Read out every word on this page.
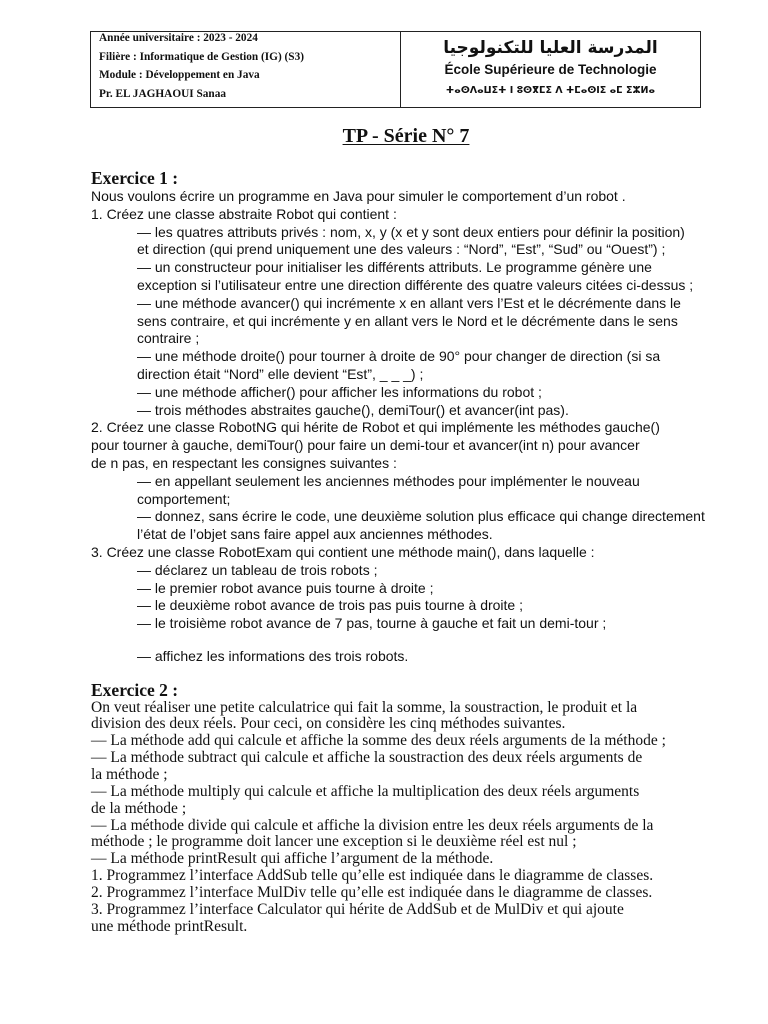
Année universitaire : 2023 - 2024
Filière : Informatique de Gestion (IG) (S3)
Module : Développement en Java
Pr. EL JAGHAOUI Sanaa
المدرسة العليا للتكنولوجيا
École Supérieure de Technologie
ⵜⴰⵙⴷⴰⵡⵉⵜ ⵏ ⵓⵙⴳⵎⵉ ⴷ ⵜⵎⴰⵙⵏⵉ ⴰⵎ ⵉⵣⵍⴰ
TP - Série N° 7
Exercice 1 :
Nous voulons écrire un programme en Java pour simuler le comportement d’un robot .
1. Créez une classe abstraite Robot qui contient :
— les quatres attributs privés : nom, x, y (x et y sont deux entiers pour définir la position)
et direction (qui prend uniquement une des valeurs : “Nord”, “Est”, “Sud” ou “Ouest”) ;
— un constructeur pour initialiser les différents attributs. Le programme génère une
exception si l’utilisateur entre une direction différente des quatre valeurs citées ci-dessus ;
— une méthode avancer() qui incrémente x en allant vers l’Est et le décrémente dans le
sens contraire, et qui incrémente y en allant vers le Nord et le décrémente dans le sens
contraire ;
— une méthode droite() pour tourner à droite de 90° pour changer de direction (si sa
direction était “Nord” elle devient “Est”, _ _ _) ;
— une méthode afficher() pour afficher les informations du robot ;
— trois méthodes abstraites gauche(), demiTour() et avancer(int pas).
2. Créez une classe RobotNG qui hérite de Robot et qui implémente les méthodes gauche()
pour tourner à gauche, demiTour() pour faire un demi-tour et avancer(int n) pour avancer
de n pas, en respectant les consignes suivantes :
— en appellant seulement les anciennes méthodes pour implémenter le nouveau
comportement;
— donnez, sans écrire le code, une deuxième solution plus efficace qui change directement
l’état de l’objet sans faire appel aux anciennes méthodes.
3. Créez une classe RobotExam qui contient une méthode main(), dans laquelle :
— déclarez un tableau de trois robots ;
— le premier robot avance puis tourne à droite ;
— le deuxième robot avance de trois pas puis tourne à droite ;
— le troisième robot avance de 7 pas, tourne à gauche et fait un demi-tour ;
— affichez les informations des trois robots.
Exercice 2 :
On veut réaliser une petite calculatrice qui fait la somme, la soustraction, le produit et la
division des deux réels. Pour ceci, on considère les cinq méthodes suivantes.
— La méthode add qui calcule et affiche la somme des deux réels arguments de la méthode ;
— La méthode subtract qui calcule et affiche la soustraction des deux réels arguments de
la méthode ;
— La méthode multiply qui calcule et affiche la multiplication des deux réels arguments
de la méthode ;
— La méthode divide qui calcule et affiche la division entre les deux réels arguments de la
méthode ; le programme doit lancer une exception si le deuxième réel est nul ;
— La méthode printResult qui affiche l’argument de la méthode.
1. Programmez l’interface AddSub telle qu’elle est indiquée dans le diagramme de classes.
2. Programmez l’interface MulDiv telle qu’elle est indiquée dans le diagramme de classes.
3. Programmez l’interface Calculator qui hérite de AddSub et de MulDiv et qui ajoute
une méthode printResult.
